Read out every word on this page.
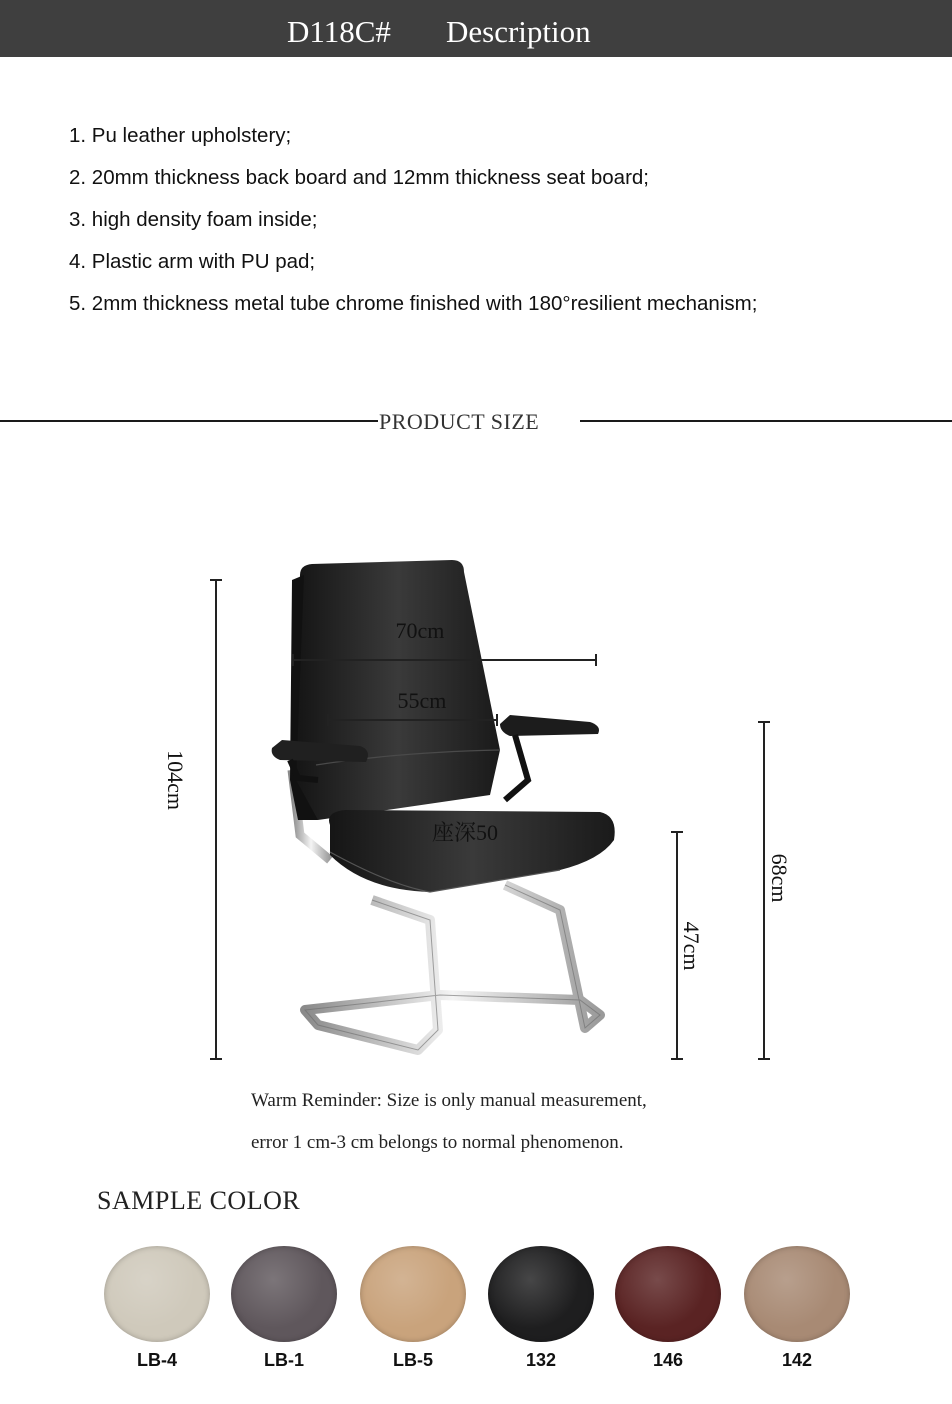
D118C# Description
1. Pu leather upholstery;
2. 20mm thickness back board and 12mm thickness seat board;
3. high density foam inside;
4. Plastic arm with PU pad;
5. 2mm thickness metal tube chrome finished with 180°resilient mechanism;
PRODUCT SIZE
70cm
55cm
座深50
104cm
47cm
68cm
Warm Reminder: Size is only manual measurement,
error 1 cm-3 cm belongs to normal phenomenon.
SAMPLE COLOR
LB-4	LB-1	LB-5	132	146	142
